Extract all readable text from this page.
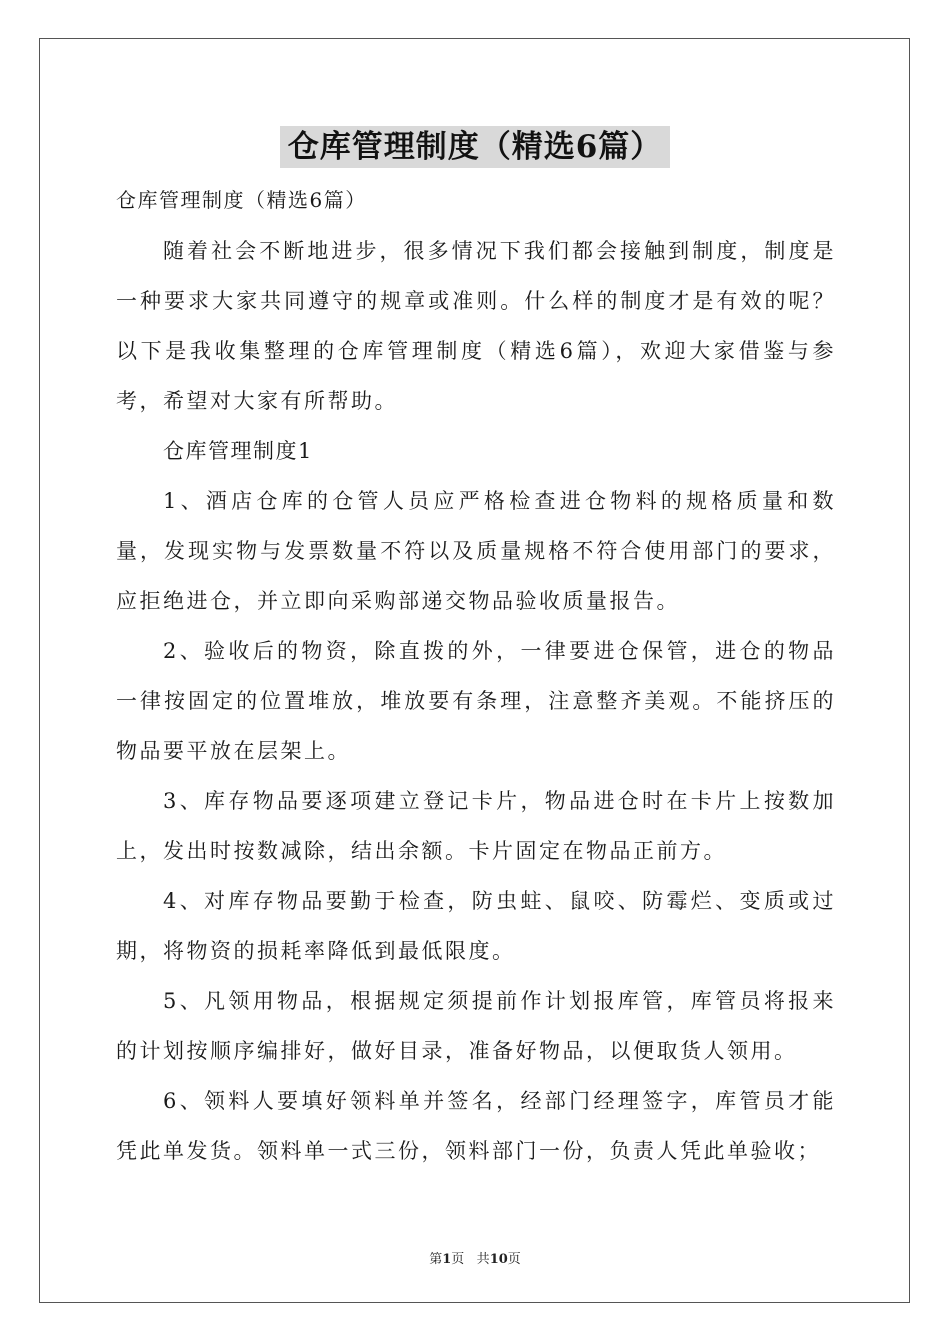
仓库管理制度（精选6篇）

仓库管理制度（精选6篇）

随着社会不断地进步，很多情况下我们都会接触到制度，制度是一种要求大家共同遵守的规章或准则。什么样的制度才是有效的呢？以下是我收集整理的仓库管理制度（精选6篇），欢迎大家借鉴与参考，希望对大家有所帮助。

仓库管理制度1

1、酒店仓库的仓管人员应严格检查进仓物料的规格质量和数量，发现实物与发票数量不符以及质量规格不符合使用部门的要求，应拒绝进仓，并立即向采购部递交物品验收质量报告。

2、验收后的物资，除直拨的外，一律要进仓保管，进仓的物品一律按固定的位置堆放，堆放要有条理，注意整齐美观。不能挤压的物品要平放在层架上。

3、库存物品要逐项建立登记卡片，物品进仓时在卡片上按数加上，发出时按数减除，结出余额。卡片固定在物品正前方。

4、对库存物品要勤于检查，防虫蛀、鼠咬、防霉烂、变质或过期，将物资的损耗率降低到最低限度。

5、凡领用物品，根据规定须提前作计划报库管，库管员将报来的计划按顺序编排好，做好目录，准备好物品，以便取货人领用。

6、领料人要填好领料单并签名，经部门经理签字，库管员才能凭此单发货。领料单一式三份，领料部门一份，负责人凭此单验收；

第1页 共10页
